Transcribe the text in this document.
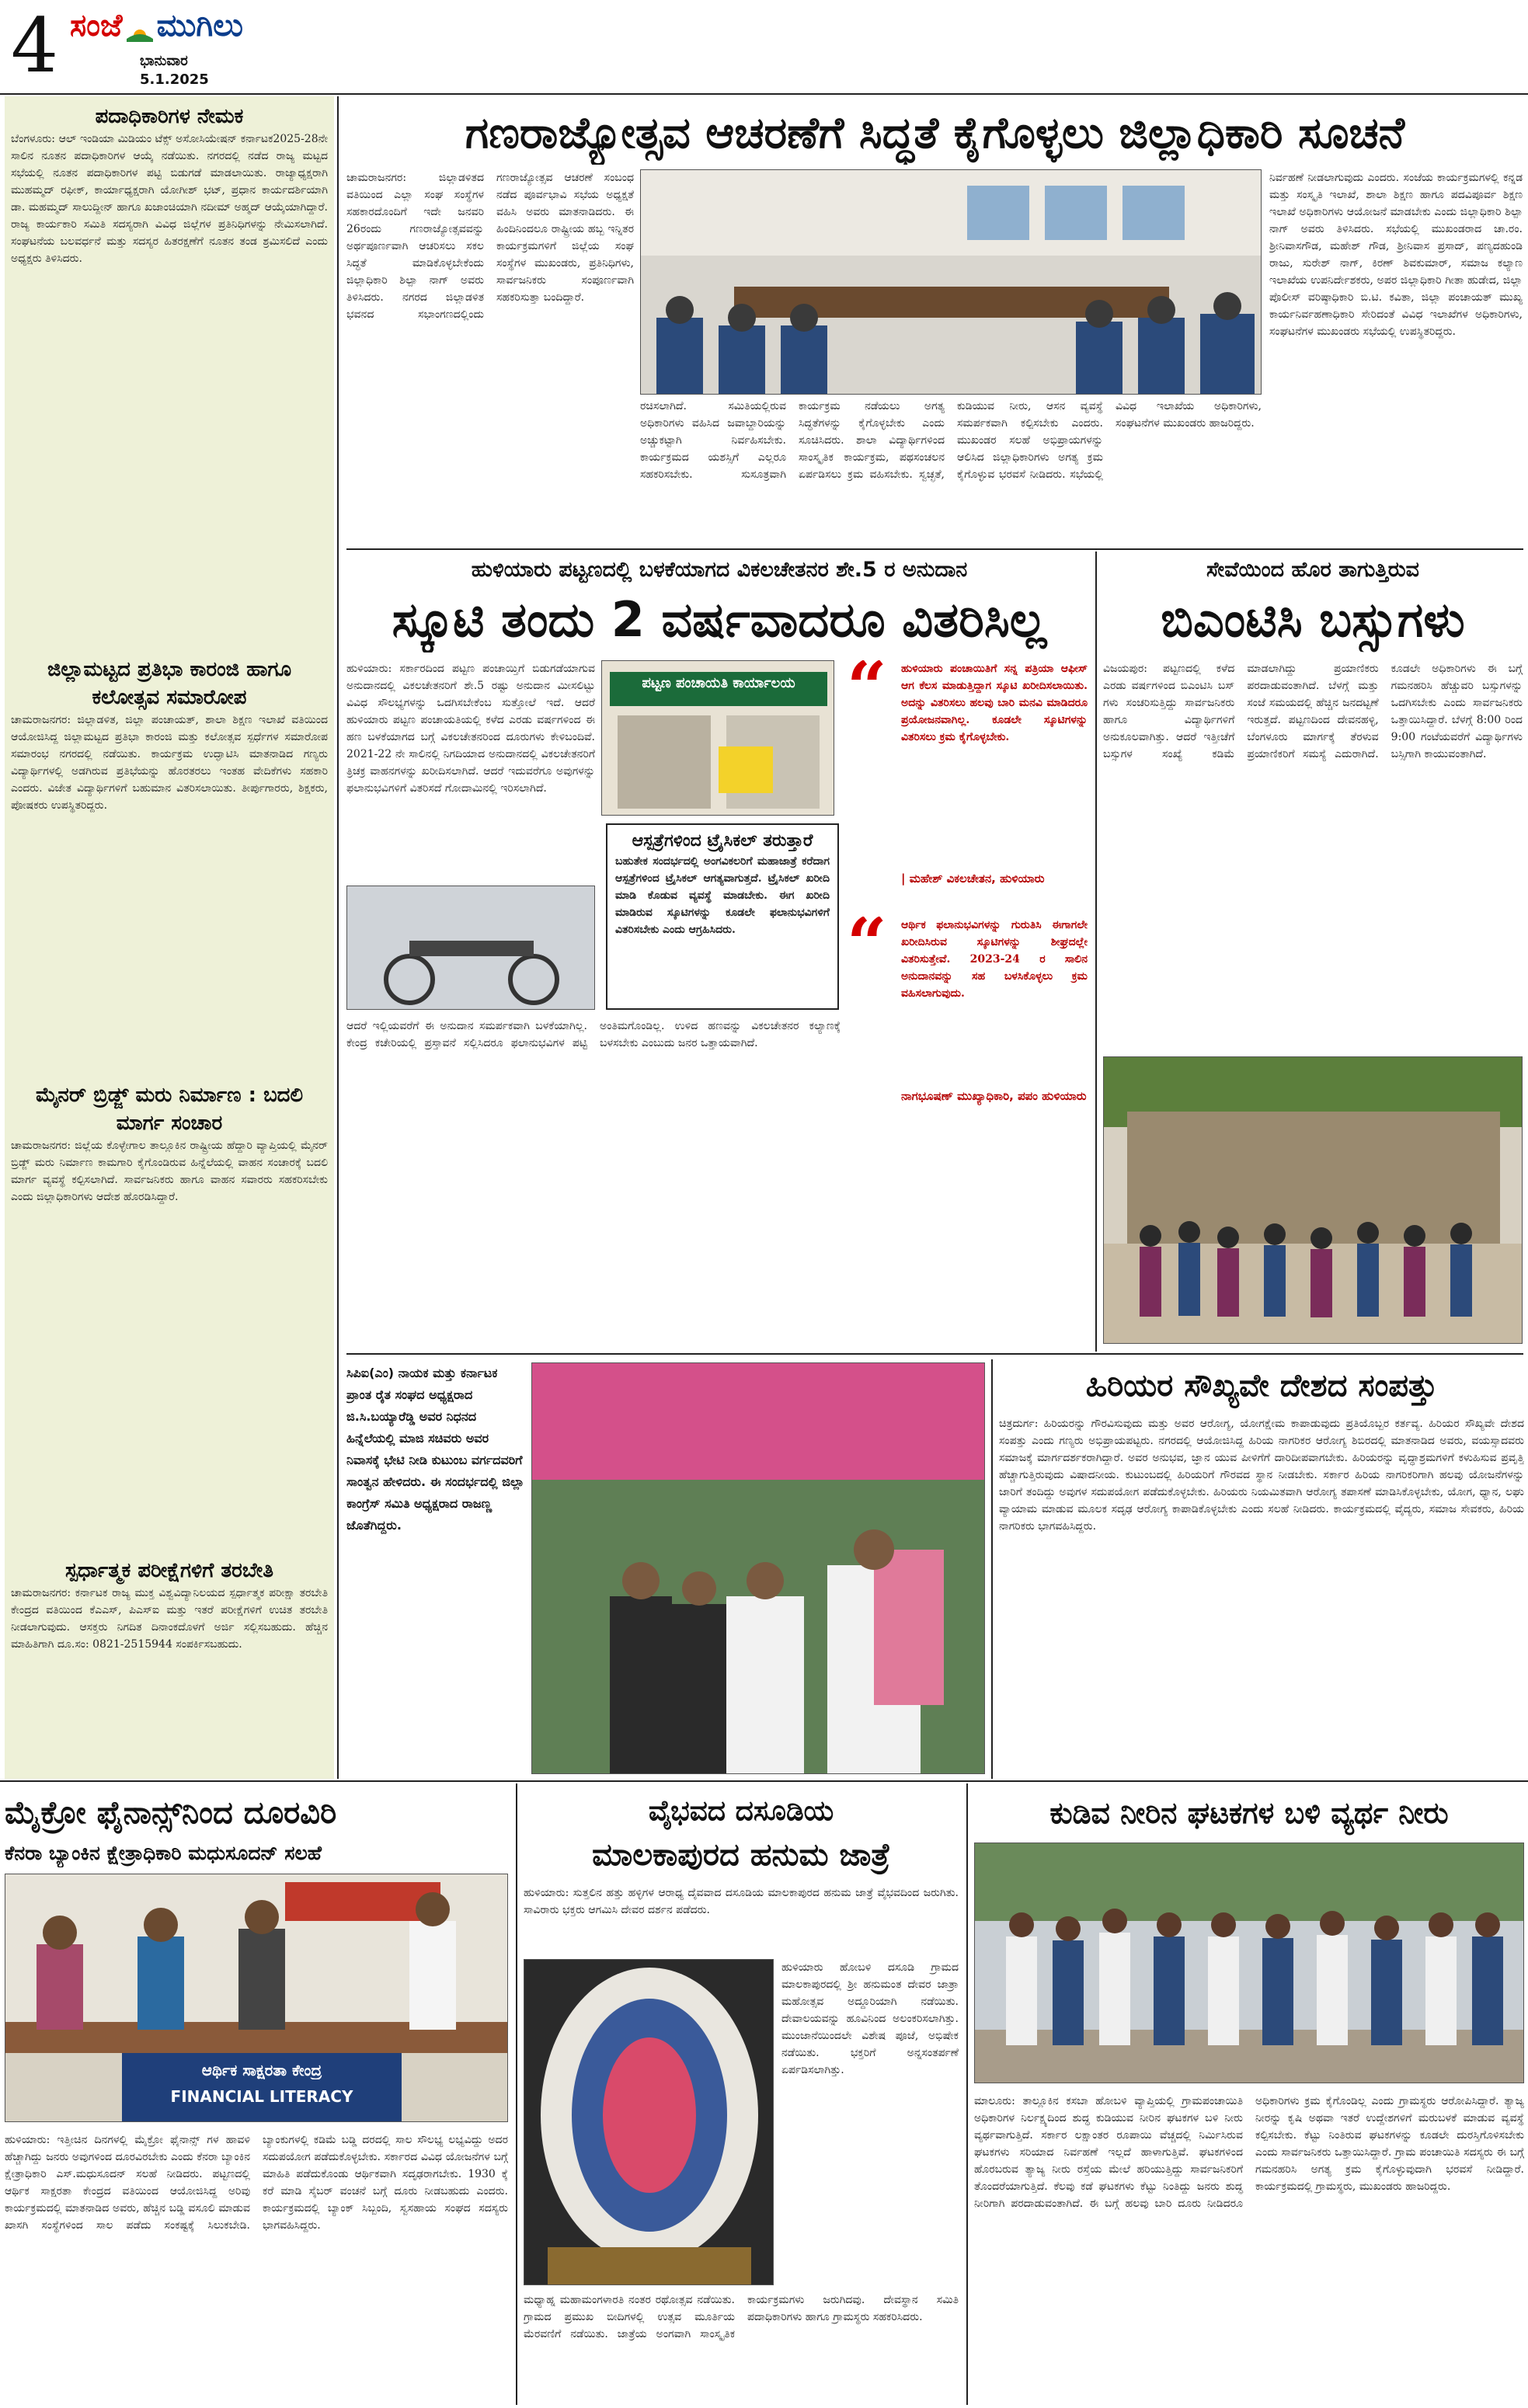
4 ಸಂಜೆ ಮುಗಿಲು
ಭಾನುವಾರ
5.1.2025
ಪದಾಧಿಕಾರಿಗಳ ನೇಮಕ
ಬೆಂಗಳೂರು: ಆಲ್ ಇಂಡಿಯಾ ಮಿಡಿಯಂ ಟೆಕ್ಸ್ ಅಸೋಸಿಯೇಷನ್ ಕರ್ನಾಟಕ2025-28ನೇ ಸಾಲಿನ ನೂತನ ಪದಾಧಿಕಾರಿಗಳ ಆಯ್ಕೆ ನಡೆಯಿತು. ನಗರದಲ್ಲಿ ನಡೆದ ರಾಜ್ಯ ಮಟ್ಟದ ಸಭೆಯಲ್ಲಿ ನೂತನ ಪದಾಧಿಕಾರಿಗಳ ಪಟ್ಟಿ ಬಿಡುಗಡೆ ಮಾಡಲಾಯಿತು. ರಾಜ್ಯಾಧ್ಯಕ್ಷರಾಗಿ ಮುಹಮ್ಮದ್ ರಫೀಕ್, ಕಾರ್ಯಾಧ್ಯಕ್ಷರಾಗಿ ಯೋಗೀಶ್ ಭಟ್, ಪ್ರಧಾನ ಕಾರ್ಯದರ್ಶಿಯಾಗಿ ಡಾ. ಮಹಮ್ಮದ್ ಸಾಲುದ್ದೀನ್ ಹಾಗೂ ಖಜಾಂಚಿಯಾಗಿ ನದೀಮ್ ಅಹ್ಮದ್ ಆಯ್ಕೆಯಾಗಿದ್ದಾರೆ. ರಾಜ್ಯ ಕಾರ್ಯಕಾರಿ ಸಮಿತಿ ಸದಸ್ಯರಾಗಿ ವಿವಿಧ ಜಿಲ್ಲೆಗಳ ಪ್ರತಿನಿಧಿಗಳನ್ನು ನೇಮಿಸಲಾಗಿದೆ. ಸಂಘಟನೆಯ ಬಲವರ್ಧನೆ ಮತ್ತು ಸದಸ್ಯರ ಹಿತರಕ್ಷಣೆಗೆ ನೂತನ ತಂಡ ಶ್ರಮಿಸಲಿದೆ ಎಂದು ಅಧ್ಯಕ್ಷರು ತಿಳಿಸಿದರು.
ಜಿಲ್ಲಾಮಟ್ಟದ ಪ್ರತಿಭಾ ಕಾರಂಜಿ ಹಾಗೂ ಕಲೋತ್ಸವ ಸಮಾರೋಪ
ಚಾಮರಾಜನಗರ: ಜಿಲ್ಲಾಡಳಿತ, ಜಿಲ್ಲಾ ಪಂಚಾಯತ್, ಶಾಲಾ ಶಿಕ್ಷಣ ಇಲಾಖೆ ವತಿಯಿಂದ ಆಯೋಜಿಸಿದ್ದ ಜಿಲ್ಲಾಮಟ್ಟದ ಪ್ರತಿಭಾ ಕಾರಂಜಿ ಮತ್ತು ಕಲೋತ್ಸವ ಸ್ಪರ್ಧೆಗಳ ಸಮಾರೋಪ ಸಮಾರಂಭ ನಗರದಲ್ಲಿ ನಡೆಯಿತು. ಕಾರ್ಯಕ್ರಮ ಉದ್ಘಾಟಿಸಿ ಮಾತನಾಡಿದ ಗಣ್ಯರು ವಿದ್ಯಾರ್ಥಿಗಳಲ್ಲಿ ಅಡಗಿರುವ ಪ್ರತಿಭೆಯನ್ನು ಹೊರತರಲು ಇಂತಹ ವೇದಿಕೆಗಳು ಸಹಕಾರಿ ಎಂದರು. ವಿಜೇತ ವಿದ್ಯಾರ್ಥಿಗಳಿಗೆ ಬಹುಮಾನ ವಿತರಿಸಲಾಯಿತು. ತೀರ್ಪುಗಾರರು, ಶಿಕ್ಷಕರು, ಪೋಷಕರು ಉಪಸ್ಥಿತರಿದ್ದರು.
ಮೈನರ್ ಬ್ರಿಡ್ಜ್ ಮರು ನಿರ್ಮಾಣ : ಬದಲಿ ಮಾರ್ಗ ಸಂಚಾರ
ಚಾಮರಾಜನಗರ: ಜಿಲ್ಲೆಯ ಕೊಳ್ಳೇಗಾಲ ತಾಲ್ಲೂಕಿನ ರಾಷ್ಟ್ರೀಯ ಹೆದ್ದಾರಿ ವ್ಯಾಪ್ತಿಯಲ್ಲಿ ಮೈನರ್ ಬ್ರಿಡ್ಜ್ ಮರು ನಿರ್ಮಾಣ ಕಾಮಗಾರಿ ಕೈಗೊಂಡಿರುವ ಹಿನ್ನೆಲೆಯಲ್ಲಿ ವಾಹನ ಸಂಚಾರಕ್ಕೆ ಬದಲಿ ಮಾರ್ಗ ವ್ಯವಸ್ಥೆ ಕಲ್ಪಿಸಲಾಗಿದೆ. ಸಾರ್ವಜನಿಕರು ಹಾಗೂ ವಾಹನ ಸವಾರರು ಸಹಕರಿಸಬೇಕು ಎಂದು ಜಿಲ್ಲಾಧಿಕಾರಿಗಳು ಆದೇಶ ಹೊರಡಿಸಿದ್ದಾರೆ.
ಸ್ಪರ್ಧಾತ್ಮಕ ಪರೀಕ್ಷೆಗಳಿಗೆ ತರಬೇತಿ
ಚಾಮರಾಜನಗರ: ಕರ್ನಾಟಕ ರಾಜ್ಯ ಮುಕ್ತ ವಿಶ್ವವಿದ್ಯಾನಿಲಯದ ಸ್ಪರ್ಧಾತ್ಮಕ ಪರೀಕ್ಷಾ ತರಬೇತಿ ಕೇಂದ್ರದ ವತಿಯಿಂದ ಕೆಎಎಸ್, ಪಿಎಸ್ಐ ಮತ್ತು ಇತರೆ ಪರೀಕ್ಷೆಗಳಿಗೆ ಉಚಿತ ತರಬೇತಿ ನೀಡಲಾಗುವುದು. ಆಸಕ್ತರು ನಿಗದಿತ ದಿನಾಂಕದೊಳಗೆ ಅರ್ಜಿ ಸಲ್ಲಿಸಬಹುದು. ಹೆಚ್ಚಿನ ಮಾಹಿತಿಗಾಗಿ ದೂ.ಸಂ: 0821-2515944 ಸಂಪರ್ಕಿಸಬಹುದು.
ಗಣರಾಜ್ಯೋತ್ಸವ ಆಚರಣೆಗೆ ಸಿದ್ಧತೆ ಕೈಗೊಳ್ಳಲು ಜಿಲ್ಲಾಧಿಕಾರಿ ಸೂಚನೆ
ಚಾಮರಾಜನಗರ: ಜಿಲ್ಲಾಡಳಿತದ ವತಿಯಿಂದ ಎಲ್ಲಾ ಸಂಘ ಸಂಸ್ಥೆಗಳ ಸಹಕಾರದೊಂದಿಗೆ ಇದೇ ಜನವರಿ 26ರಂದು ಗಣರಾಜ್ಯೋತ್ಸವವನ್ನು ಅರ್ಥಪೂರ್ಣವಾಗಿ ಆಚರಿಸಲು ಸಕಲ ಸಿದ್ಧತೆ ಮಾಡಿಕೊಳ್ಳಬೇಕೆಂದು ಜಿಲ್ಲಾಧಿಕಾರಿ ಶಿಲ್ಪಾ ನಾಗ್ ಅವರು ತಿಳಿಸಿದರು. ನಗರದ ಜಿಲ್ಲಾಡಳಿತ ಭವನದ ಸಭಾಂಗಣದಲ್ಲಿಂದು ಗಣರಾಜ್ಯೋತ್ಸವ ಆಚರಣೆ ಸಂಬಂಧ ನಡೆದ ಪೂರ್ವಭಾವಿ ಸಭೆಯ ಅಧ್ಯಕ್ಷತೆ ವಹಿಸಿ ಅವರು ಮಾತನಾಡಿದರು. ಈ ಹಿಂದಿನಿಂದಲೂ ರಾಷ್ಟ್ರೀಯ ಹಬ್ಬ ಇನ್ನಿತರ ಕಾರ್ಯಕ್ರಮಗಳಿಗೆ ಜಿಲ್ಲೆಯ ಸಂಘ ಸಂಸ್ಥೆಗಳ ಮುಖಂಡರು, ಪ್ರತಿನಿಧಿಗಳು, ಸಾರ್ವಜನಿಕರು ಸಂಪೂರ್ಣವಾಗಿ ಸಹಕರಿಸುತ್ತಾ ಬಂದಿದ್ದಾರೆ.
ರಚಿಸಲಾಗಿದೆ. ಸಮಿತಿಯಲ್ಲಿರುವ ಅಧಿಕಾರಿಗಳು ವಹಿಸಿದ ಜವಾಬ್ದಾರಿಯನ್ನು ಅಚ್ಚುಕಟ್ಟಾಗಿ ನಿರ್ವಹಿಸಬೇಕು. ಕಾರ್ಯಕ್ರಮದ ಯಶಸ್ಸಿಗೆ ಎಲ್ಲರೂ ಸಹಕರಿಸಬೇಕು. ಸುಸೂತ್ರವಾಗಿ ಕಾರ್ಯಕ್ರಮ ನಡೆಯಲು ಅಗತ್ಯ ಸಿದ್ಧತೆಗಳನ್ನು ಕೈಗೊಳ್ಳಬೇಕು ಎಂದು ಸೂಚಿಸಿದರು. ಶಾಲಾ ವಿದ್ಯಾರ್ಥಿಗಳಿಂದ ಸಾಂಸ್ಕೃತಿಕ ಕಾರ್ಯಕ್ರಮ, ಪಥಸಂಚಲನ ಏರ್ಪಡಿಸಲು ಕ್ರಮ ವಹಿಸಬೇಕು. ಸ್ವಚ್ಛತೆ, ಕುಡಿಯುವ ನೀರು, ಆಸನ ವ್ಯವಸ್ಥೆ ಸಮರ್ಪಕವಾಗಿ ಕಲ್ಪಿಸಬೇಕು ಎಂದರು. ಮುಖಂಡರ ಸಲಹೆ ಅಭಿಪ್ರಾಯಗಳನ್ನು ಆಲಿಸಿದ ಜಿಲ್ಲಾಧಿಕಾರಿಗಳು ಅಗತ್ಯ ಕ್ರಮ ಕೈಗೊಳ್ಳುವ ಭರವಸೆ ನೀಡಿದರು. ಸಭೆಯಲ್ಲಿ ವಿವಿಧ ಇಲಾಖೆಯ ಅಧಿಕಾರಿಗಳು, ಸಂಘಟನೆಗಳ ಮುಖಂಡರು ಹಾಜರಿದ್ದರು.
ನಿರ್ವಹಣೆ ನೀಡಲಾಗುವುದು ಎಂದರು. ಸಂಜೆಯ ಕಾರ್ಯಕ್ರಮಗಳಲ್ಲಿ ಕನ್ನಡ ಮತ್ತು ಸಂಸ್ಕೃತಿ ಇಲಾಖೆ, ಶಾಲಾ ಶಿಕ್ಷಣ ಹಾಗೂ ಪದವಿಪೂರ್ವ ಶಿಕ್ಷಣ ಇಲಾಖೆ ಅಧಿಕಾರಿಗಳು ಆಯೋಜನೆ ಮಾಡಬೇಕು ಎಂದು ಜಿಲ್ಲಾಧಿಕಾರಿ ಶಿಲ್ಪಾ ನಾಗ್ ಅವರು ತಿಳಿಸಿದರು. ಸಭೆಯಲ್ಲಿ ಮುಖಂಡರಾದ ಚಾ.ರಂ. ಶ್ರೀನಿವಾಸಗೌಡ, ಮಹೇಶ್ ಗೌಡ, ಶ್ರೀನಿವಾಸ ಪ್ರಸಾದ್, ಪಣ್ಯದಹುಂಡಿ ರಾಜು, ಸುರೇಶ್ ನಾಗ್, ಕಿರಣ್ ಶಿವಕುಮಾರ್, ಸಮಾಜ ಕಲ್ಯಾಣ ಇಲಾಖೆಯ ಉಪನಿರ್ದೇಶಕರು, ಅಪರ ಜಿಲ್ಲಾಧಿಕಾರಿ ಗೀತಾ ಹುಡೇದ, ಜಿಲ್ಲಾ ಪೊಲೀಸ್ ವರಿಷ್ಠಾಧಿಕಾರಿ ಬಿ.ಟಿ. ಕವಿತಾ, ಜಿಲ್ಲಾ ಪಂಚಾಯತ್ ಮುಖ್ಯ ಕಾರ್ಯನಿರ್ವಹಣಾಧಿಕಾರಿ ಸೇರಿದಂತೆ ವಿವಿಧ ಇಲಾಖೆಗಳ ಅಧಿಕಾರಿಗಳು, ಸಂಘಟನೆಗಳ ಮುಖಂಡರು ಸಭೆಯಲ್ಲಿ ಉಪಸ್ಥಿತರಿದ್ದರು.
ಹುಳಿಯಾರು ಪಟ್ಟಣದಲ್ಲಿ ಬಳಕೆಯಾಗದ ವಿಕಲಚೇತನರ ಶೇ.5 ರ ಅನುದಾನ
ಸ್ಕೂಟಿ ತಂದು 2 ವರ್ಷವಾದರೂ ವಿತರಿಸಿಲ್ಲ
ಹುಳಿಯಾರು: ಸರ್ಕಾರದಿಂದ ಪಟ್ಟಣ ಪಂಚಾಯ್ತಿಗೆ ಬಿಡುಗಡೆಯಾಗುವ ಅನುದಾನದಲ್ಲಿ ವಿಕಲಚೇತನರಿಗೆ ಶೇ.5 ರಷ್ಟು ಅನುದಾನ ಮೀಸಲಿಟ್ಟು ವಿವಿಧ ಸೌಲಭ್ಯಗಳನ್ನು ಒದಗಿಸಬೇಕೆಂಬ ಸುತ್ತೋಲೆ ಇದೆ. ಆದರೆ ಹುಳಿಯಾರು ಪಟ್ಟಣ ಪಂಚಾಯತಿಯಲ್ಲಿ ಕಳೆದ ಎರಡು ವರ್ಷಗಳಿಂದ ಈ ಹಣ ಬಳಕೆಯಾಗದ ಬಗ್ಗೆ ವಿಕಲಚೇತನರಿಂದ ದೂರುಗಳು ಕೇಳಿಬಂದಿವೆ. 2021-22 ನೇ ಸಾಲಿನಲ್ಲಿ ನಿಗದಿಯಾದ ಅನುದಾನದಲ್ಲಿ ವಿಕಲಚೇತನರಿಗೆ ತ್ರಿಚಕ್ರ ವಾಹನಗಳನ್ನು ಖರೀದಿಸಲಾಗಿದೆ. ಆದರೆ ಇದುವರೆಗೂ ಅವುಗಳನ್ನು ಫಲಾನುಭವಿಗಳಿಗೆ ವಿತರಿಸದೆ ಗೋದಾಮಿನಲ್ಲಿ ಇರಿಸಲಾಗಿದೆ.
ಪಟ್ಟಣ ಪಂಚಾಯತಿ ಕಾರ್ಯಾಲಯ
ಆಸ್ಪತ್ರೆಗಳಿಂದ ಟ್ರೈಸಿಕಲ್ ತರುತ್ತಾರೆ
ಬಹುತೇಕ ಸಂದರ್ಭದಲ್ಲಿ ಅಂಗವಿಕಲರಿಗೆ ಮಹಾಜಾತ್ರೆ ಕರೆದಾಗ ಆಸ್ಪತ್ರೆಗಳಿಂದ ಟ್ರೈಸಿಕಲ್ ಆಗತ್ಯವಾಗುತ್ತದೆ. ಟ್ರೈಸಿಕಲ್ ಖರೀದಿ ಮಾಡಿ ಕೊಡುವ ವ್ಯವಸ್ಥೆ ಮಾಡಬೇಕು. ಈಗ ಖರೀದಿ ಮಾಡಿರುವ ಸ್ಕೂಟಿಗಳನ್ನು ಕೂಡಲೇ ಫಲಾನುಭವಿಗಳಿಗೆ ವಿತರಿಸಬೇಕು ಎಂದು ಆಗ್ರಹಿಸಿದರು.
“ ಹುಳಿಯಾರು ಪಂಚಾಯಿತಿಗೆ ಸನ್ನ ಪತ್ರಿಯಾ ಆಫೀಸ್ ಆಗ ಕೆಲಸ ಮಾಡುತ್ತಿದ್ದಾಗ ಸ್ಕೂಟಿ ಖರೀದಿಸಲಾಯಿತು. ಅದನ್ನು ವಿತರಿಸಲು ಹಲವು ಬಾರಿ ಮನವಿ ಮಾಡಿದರೂ ಪ್ರಯೋಜನವಾಗಿಲ್ಲ. ಕೂಡಲೇ ಸ್ಕೂಟಿಗಳನ್ನು ವಿತರಿಸಲು ಕ್ರಮ ಕೈಗೊಳ್ಳಬೇಕು.
| ಮಹೇಶ್ ವಿಕಲಚೇತನ, ಹುಳಿಯಾರು
“ ಆರ್ಥಿಕ ಫಲಾನುಭವಿಗಳನ್ನು ಗುರುತಿಸಿ ಈಗಾಗಲೇ ಖರೀದಿಸಿರುವ ಸ್ಕೂಟಿಗಳನ್ನು ಶೀಘ್ರದಲ್ಲೇ ವಿತರಿಸುತ್ತೇವೆ. 2023-24 ರ ಸಾಲಿನ ಅನುದಾನವನ್ನು ಸಹ ಬಳಸಿಕೊಳ್ಳಲು ಕ್ರಮ ವಹಿಸಲಾಗುವುದು.
ನಾಗಭೂಷಣ್ ಮುಖ್ಯಾಧಿಕಾರಿ, ಪಪಂ ಹುಳಿಯಾರು
ಆದರೆ ಇಲ್ಲಿಯವರೆಗೆ ಈ ಅನುದಾನ ಸಮರ್ಪಕವಾಗಿ ಬಳಕೆಯಾಗಿಲ್ಲ. ಕೇಂದ್ರ ಕಚೇರಿಯಲ್ಲಿ ಪ್ರಸ್ತಾವನೆ ಸಲ್ಲಿಸಿದರೂ ಫಲಾನುಭವಿಗಳ ಪಟ್ಟಿ ಅಂತಿಮಗೊಂಡಿಲ್ಲ. ಉಳಿದ ಹಣವನ್ನು ವಿಕಲಚೇತನರ ಕಲ್ಯಾಣಕ್ಕೆ ಬಳಸಬೇಕು ಎಂಬುದು ಜನರ ಒತ್ತಾಯವಾಗಿದೆ.
ಸೇವೆಯಿಂದ ಹೊರ ತಾಗುತ್ತಿರುವ
ಬಿಎಂಟಿಸಿ ಬಸ್ಸುಗಳು
ವಿಜಯಪುರ: ಪಟ್ಟಣದಲ್ಲಿ ಕಳೆದ ಎರಡು ವರ್ಷಗಳಿಂದ ಬಿಎಂಟಿಸಿ ಬಸ್ ಗಳು ಸಂಚರಿಸುತ್ತಿದ್ದು ಸಾರ್ವಜನಿಕರು ಹಾಗೂ ವಿದ್ಯಾರ್ಥಿಗಳಿಗೆ ಅನುಕೂಲವಾಗಿತ್ತು. ಆದರೆ ಇತ್ತೀಚೆಗೆ ಬಸ್ಸುಗಳ ಸಂಖ್ಯೆ ಕಡಿಮೆ ಮಾಡಲಾಗಿದ್ದು ಪ್ರಯಾಣಿಕರು ಪರದಾಡುವಂತಾಗಿದೆ. ಬೆಳಗ್ಗೆ ಮತ್ತು ಸಂಜೆ ಸಮಯದಲ್ಲಿ ಹೆಚ್ಚಿನ ಜನದಟ್ಟಣೆ ಇರುತ್ತದೆ. ಪಟ್ಟಣದಿಂದ ದೇವನಹಳ್ಳಿ, ಬೆಂಗಳೂರು ಮಾರ್ಗಕ್ಕೆ ತೆರಳುವ ಪ್ರಯಾಣಿಕರಿಗೆ ಸಮಸ್ಯೆ ಎದುರಾಗಿದೆ. ಕೂಡಲೇ ಅಧಿಕಾರಿಗಳು ಈ ಬಗ್ಗೆ ಗಮನಹರಿಸಿ ಹೆಚ್ಚುವರಿ ಬಸ್ಸುಗಳನ್ನು ಒದಗಿಸಬೇಕು ಎಂದು ಸಾರ್ವಜನಿಕರು ಒತ್ತಾಯಿಸಿದ್ದಾರೆ. ಬೆಳಗ್ಗೆ 8:00 ರಿಂದ 9:00 ಗಂಟೆಯವರೆಗೆ ವಿದ್ಯಾರ್ಥಿಗಳು ಬಸ್ಸಿಗಾಗಿ ಕಾಯುವಂತಾಗಿದೆ.
ಸಿಪಿಐ(ಎಂ) ನಾಯಕ ಮತ್ತು ಕರ್ನಾಟಕ ಪ್ರಾಂತ ರೈತ ಸಂಘದ ಅಧ್ಯಕ್ಷರಾದ ಜಿ.ಸಿ.ಬಯ್ಯಾರೆಡ್ಡಿ ಅವರ ನಿಧನದ ಹಿನ್ನೆಲೆಯಲ್ಲಿ ಮಾಜಿ ಸಚಿವರು ಅವರ ನಿವಾಸಕ್ಕೆ ಭೇಟಿ ನೀಡಿ ಕುಟುಂಬ ವರ್ಗದವರಿಗೆ ಸಾಂತ್ವನ ಹೇಳಿದರು. ಈ ಸಂದರ್ಭದಲ್ಲಿ ಜಿಲ್ಲಾ ಕಾಂಗ್ರೆಸ್ ಸಮಿತಿ ಅಧ್ಯಕ್ಷರಾದ ರಾಜಣ್ಣ ಜೊತೆಗಿದ್ದರು.
ಹಿರಿಯರ ಸೌಖ್ಯವೇ ದೇಶದ ಸಂಪತ್ತು
ಚಿತ್ರದುರ್ಗ: ಹಿರಿಯರನ್ನು ಗೌರವಿಸುವುದು ಮತ್ತು ಅವರ ಆರೋಗ್ಯ, ಯೋಗಕ್ಷೇಮ ಕಾಪಾಡುವುದು ಪ್ರತಿಯೊಬ್ಬರ ಕರ್ತವ್ಯ. ಹಿರಿಯರ ಸೌಖ್ಯವೇ ದೇಶದ ಸಂಪತ್ತು ಎಂದು ಗಣ್ಯರು ಅಭಿಪ್ರಾಯಪಟ್ಟರು. ನಗರದಲ್ಲಿ ಆಯೋಜಿಸಿದ್ದ ಹಿರಿಯ ನಾಗರಿಕರ ಆರೋಗ್ಯ ಶಿಬಿರದಲ್ಲಿ ಮಾತನಾಡಿದ ಅವರು, ವಯಸ್ಸಾದವರು ಸಮಾಜಕ್ಕೆ ಮಾರ್ಗದರ್ಶಕರಾಗಿದ್ದಾರೆ. ಅವರ ಅನುಭವ, ಜ್ಞಾನ ಯುವ ಪೀಳಿಗೆಗೆ ದಾರಿದೀಪವಾಗಬೇಕು. ಹಿರಿಯರನ್ನು ವೃದ್ಧಾಶ್ರಮಗಳಿಗೆ ಕಳುಹಿಸುವ ಪ್ರವೃತ್ತಿ ಹೆಚ್ಚಾಗುತ್ತಿರುವುದು ವಿಷಾದನೀಯ. ಕುಟುಂಬದಲ್ಲಿ ಹಿರಿಯರಿಗೆ ಗೌರವದ ಸ್ಥಾನ ನೀಡಬೇಕು. ಸರ್ಕಾರ ಹಿರಿಯ ನಾಗರಿಕರಿಗಾಗಿ ಹಲವು ಯೋಜನೆಗಳನ್ನು ಜಾರಿಗೆ ತಂದಿದ್ದು ಅವುಗಳ ಸದುಪಯೋಗ ಪಡೆದುಕೊಳ್ಳಬೇಕು. ಹಿರಿಯರು ನಿಯಮಿತವಾಗಿ ಆರೋಗ್ಯ ತಪಾಸಣೆ ಮಾಡಿಸಿಕೊಳ್ಳಬೇಕು, ಯೋಗ, ಧ್ಯಾನ, ಲಘು ವ್ಯಾಯಾಮ ಮಾಡುವ ಮೂಲಕ ಸದೃಢ ಆರೋಗ್ಯ ಕಾಪಾಡಿಕೊಳ್ಳಬೇಕು ಎಂದು ಸಲಹೆ ನೀಡಿದರು. ಕಾರ್ಯಕ್ರಮದಲ್ಲಿ ವೈದ್ಯರು, ಸಮಾಜ ಸೇವಕರು, ಹಿರಿಯ ನಾಗರಿಕರು ಭಾಗವಹಿಸಿದ್ದರು.
ಮೈಕ್ರೋ ಫೈನಾನ್ಸ್‌ನಿಂದ ದೂರವಿರಿ
ಕೆನರಾ ಬ್ಯಾಂಕಿನ ಕ್ಷೇತ್ರಾಧಿಕಾರಿ ಮಧುಸೂದನ್ ಸಲಹೆ
ಆರ್ಥಿಕ ಸಾಕ್ಷರತಾ ಕೇಂದ್ರ
FINANCIAL LITERACY
ಹುಳಿಯಾರು: ಇತ್ತೀಚಿನ ದಿನಗಳಲ್ಲಿ ಮೈಕ್ರೋ ಫೈನಾನ್ಸ್ ಗಳ ಹಾವಳಿ ಹೆಚ್ಚಾಗಿದ್ದು ಜನರು ಅವುಗಳಿಂದ ದೂರವಿರಬೇಕು ಎಂದು ಕೆನರಾ ಬ್ಯಾಂಕಿನ ಕ್ಷೇತ್ರಾಧಿಕಾರಿ ಎಸ್.ಮಧುಸೂದನ್ ಸಲಹೆ ನೀಡಿದರು. ಪಟ್ಟಣದಲ್ಲಿ ಆರ್ಥಿಕ ಸಾಕ್ಷರತಾ ಕೇಂದ್ರದ ವತಿಯಿಂದ ಆಯೋಜಿಸಿದ್ದ ಅರಿವು ಕಾರ್ಯಕ್ರಮದಲ್ಲಿ ಮಾತನಾಡಿದ ಅವರು, ಹೆಚ್ಚಿನ ಬಡ್ಡಿ ವಸೂಲಿ ಮಾಡುವ ಖಾಸಗಿ ಸಂಸ್ಥೆಗಳಿಂದ ಸಾಲ ಪಡೆದು ಸಂಕಷ್ಟಕ್ಕೆ ಸಿಲುಕಬೇಡಿ. ಬ್ಯಾಂಕುಗಳಲ್ಲಿ ಕಡಿಮೆ ಬಡ್ಡಿ ದರದಲ್ಲಿ ಸಾಲ ಸೌಲಭ್ಯ ಲಭ್ಯವಿದ್ದು ಅದರ ಸದುಪಯೋಗ ಪಡೆದುಕೊಳ್ಳಬೇಕು. ಸರ್ಕಾರದ ವಿವಿಧ ಯೋಜನೆಗಳ ಬಗ್ಗೆ ಮಾಹಿತಿ ಪಡೆದುಕೊಂಡು ಆರ್ಥಿಕವಾಗಿ ಸದೃಢರಾಗಬೇಕು. 1930 ಕ್ಕೆ ಕರೆ ಮಾಡಿ ಸೈಬರ್ ವಂಚನೆ ಬಗ್ಗೆ ದೂರು ನೀಡಬಹುದು ಎಂದರು. ಕಾರ್ಯಕ್ರಮದಲ್ಲಿ ಬ್ಯಾಂಕ್ ಸಿಬ್ಬಂದಿ, ಸ್ವಸಹಾಯ ಸಂಘದ ಸದಸ್ಯರು ಭಾಗವಹಿಸಿದ್ದರು.
ವೈಭವದ ದಸೂಡಿಯ
ಮಾಲಕಾಪುರದ ಹನುಮ ಜಾತ್ರೆ
ಹುಳಿಯಾರು: ಸುತ್ತಲಿನ ಹತ್ತು ಹಳ್ಳಿಗಳ ಆರಾಧ್ಯ ದೈವವಾದ ದಸೂಡಿಯ ಮಾಲಕಾಪುರದ ಹನುಮ ಜಾತ್ರೆ ವೈಭವದಿಂದ ಜರುಗಿತು. ಸಾವಿರಾರು ಭಕ್ತರು ಆಗಮಿಸಿ ದೇವರ ದರ್ಶನ ಪಡೆದರು.
ಹುಳಿಯಾರು ಹೋಬಳಿ ದಸೂಡಿ ಗ್ರಾಮದ ಮಾಲಕಾಪುರದಲ್ಲಿ ಶ್ರೀ ಹನುಮಂತ ದೇವರ ಜಾತ್ರಾ ಮಹೋತ್ಸವ ಅದ್ದೂರಿಯಾಗಿ ನಡೆಯಿತು. ದೇವಾಲಯವನ್ನು ಹೂವಿನಿಂದ ಅಲಂಕರಿಸಲಾಗಿತ್ತು. ಮುಂಜಾನೆಯಿಂದಲೇ ವಿಶೇಷ ಪೂಜೆ, ಅಭಿಷೇಕ ನಡೆಯಿತು. ಭಕ್ತರಿಗೆ ಅನ್ನಸಂತರ್ಪಣೆ ಏರ್ಪಡಿಸಲಾಗಿತ್ತು.
ಮಧ್ಯಾಹ್ನ ಮಹಾಮಂಗಳಾರತಿ ನಂತರ ರಥೋತ್ಸವ ನಡೆಯಿತು. ಗ್ರಾಮದ ಪ್ರಮುಖ ಬೀದಿಗಳಲ್ಲಿ ಉತ್ಸವ ಮೂರ್ತಿಯ ಮೆರವಣಿಗೆ ನಡೆಯಿತು. ಜಾತ್ರೆಯ ಅಂಗವಾಗಿ ಸಾಂಸ್ಕೃತಿಕ ಕಾರ್ಯಕ್ರಮಗಳು ಜರುಗಿದವು. ದೇವಸ್ಥಾನ ಸಮಿತಿ ಪದಾಧಿಕಾರಿಗಳು ಹಾಗೂ ಗ್ರಾಮಸ್ಥರು ಸಹಕರಿಸಿದರು.
ಕುಡಿವ ನೀರಿನ ಘಟಕಗಳ ಬಳಿ ವ್ಯರ್ಥ ನೀರು
ಮಾಲೂರು: ತಾಲ್ಲೂಕಿನ ಕಸಬಾ ಹೋಬಳಿ ವ್ಯಾಪ್ತಿಯಲ್ಲಿ ಗ್ರಾಮಪಂಚಾಯಿತಿ ಅಧಿಕಾರಿಗಳ ನಿರ್ಲಕ್ಷ್ಯದಿಂದ ಶುದ್ಧ ಕುಡಿಯುವ ನೀರಿನ ಘಟಕಗಳ ಬಳಿ ನೀರು ವ್ಯರ್ಥವಾಗುತ್ತಿದೆ. ಸರ್ಕಾರ ಲಕ್ಷಾಂತರ ರೂಪಾಯಿ ವೆಚ್ಚದಲ್ಲಿ ನಿರ್ಮಿಸಿರುವ ಘಟಕಗಳು ಸರಿಯಾದ ನಿರ್ವಹಣೆ ಇಲ್ಲದೆ ಹಾಳಾಗುತ್ತಿವೆ. ಘಟಕಗಳಿಂದ ಹೊರಬರುವ ತ್ಯಾಜ್ಯ ನೀರು ರಸ್ತೆಯ ಮೇಲೆ ಹರಿಯುತ್ತಿದ್ದು ಸಾರ್ವಜನಿಕರಿಗೆ ತೊಂದರೆಯಾಗುತ್ತಿದೆ. ಕೆಲವು ಕಡೆ ಘಟಕಗಳು ಕೆಟ್ಟು ನಿಂತಿದ್ದು ಜನರು ಶುದ್ಧ ನೀರಿಗಾಗಿ ಪರದಾಡುವಂತಾಗಿದೆ. ಈ ಬಗ್ಗೆ ಹಲವು ಬಾರಿ ದೂರು ನೀಡಿದರೂ ಅಧಿಕಾರಿಗಳು ಕ್ರಮ ಕೈಗೊಂಡಿಲ್ಲ ಎಂದು ಗ್ರಾಮಸ್ಥರು ಆರೋಪಿಸಿದ್ದಾರೆ. ತ್ಯಾಜ್ಯ ನೀರನ್ನು ಕೃಷಿ ಅಥವಾ ಇತರೆ ಉದ್ದೇಶಗಳಿಗೆ ಮರುಬಳಕೆ ಮಾಡುವ ವ್ಯವಸ್ಥೆ ಕಲ್ಪಿಸಬೇಕು. ಕೆಟ್ಟು ನಿಂತಿರುವ ಘಟಕಗಳನ್ನು ಕೂಡಲೇ ದುರಸ್ತಿಗೊಳಿಸಬೇಕು ಎಂದು ಸಾರ್ವಜನಿಕರು ಒತ್ತಾಯಿಸಿದ್ದಾರೆ. ಗ್ರಾಮ ಪಂಚಾಯಿತಿ ಸದಸ್ಯರು ಈ ಬಗ್ಗೆ ಗಮನಹರಿಸಿ ಅಗತ್ಯ ಕ್ರಮ ಕೈಗೊಳ್ಳುವುದಾಗಿ ಭರವಸೆ ನೀಡಿದ್ದಾರೆ. ಕಾರ್ಯಕ್ರಮದಲ್ಲಿ ಗ್ರಾಮಸ್ಥರು, ಮುಖಂಡರು ಹಾಜರಿದ್ದರು.
